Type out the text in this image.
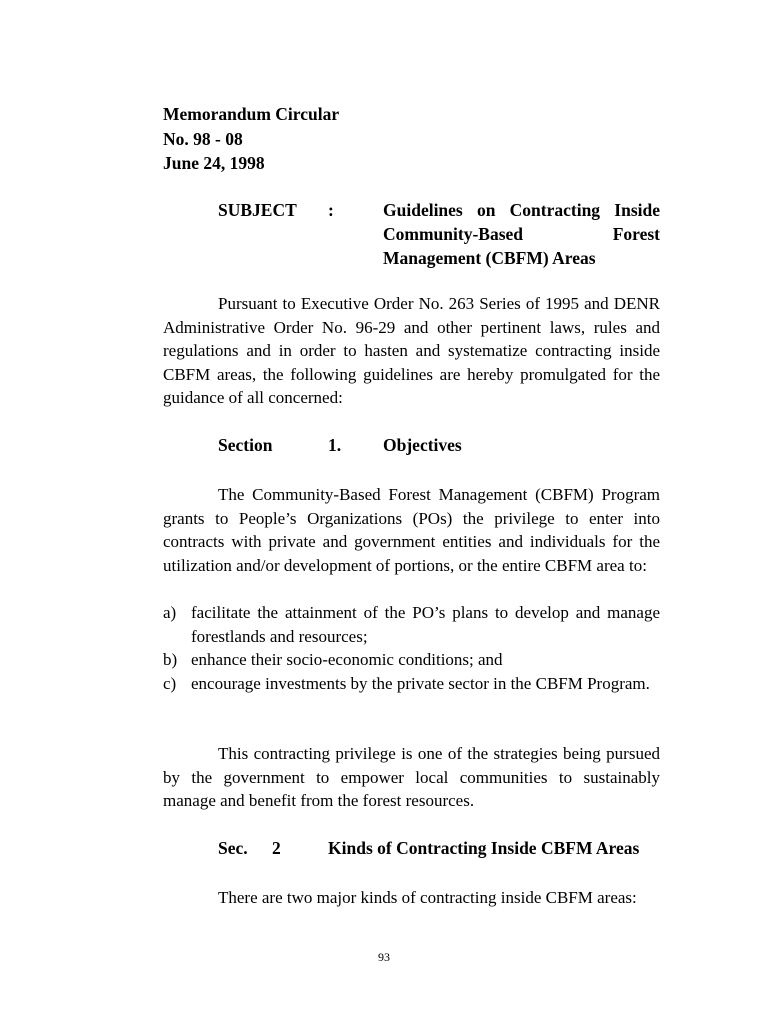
Memorandum Circular
No. 98 - 08
June 24, 1998
SUBJECT :	Guidelines on Contracting Inside Community-Based Forest Management (CBFM) Areas
Pursuant to Executive Order No. 263 Series of 1995 and DENR Administrative Order No. 96-29 and other pertinent laws, rules and regulations and in order to hasten and systematize contracting inside CBFM areas, the following guidelines are hereby promulgated for the guidance of all concerned:
Section	1. Objectives
The Community-Based Forest Management (CBFM) Program grants to People’s Organizations (POs) the privilege to enter into contracts with private and government entities and individuals for the utilization and/or development of portions, or the entire CBFM area to:
a) facilitate the attainment of the PO’s plans to develop and manage forestlands and resources;
b) enhance their socio-economic conditions; and
c) encourage investments by the private sector in the CBFM Program.
This contracting privilege is one of the strategies being pursued by the government to empower local communities to sustainably manage and benefit from the forest resources.
Sec. 2	Kinds of Contracting Inside CBFM Areas
There are two major kinds of contracting inside CBFM areas:
93
